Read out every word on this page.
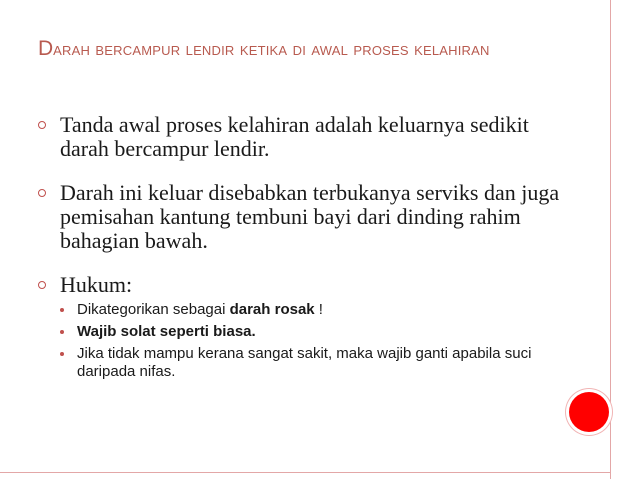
Darah bercampur lendir ketika di awal proses kelahiran
Tanda awal proses kelahiran adalah keluarnya sedikit darah bercampur lendir.
Darah ini keluar disebabkan terbukanya serviks dan juga pemisahan kantung tembuni bayi dari dinding rahim bahagian bawah.
Hukum:
Dikategorikan sebagai darah rosak !
Wajib solat seperti biasa.
Jika tidak mampu kerana sangat sakit, maka wajib ganti apabila suci daripada nifas.
